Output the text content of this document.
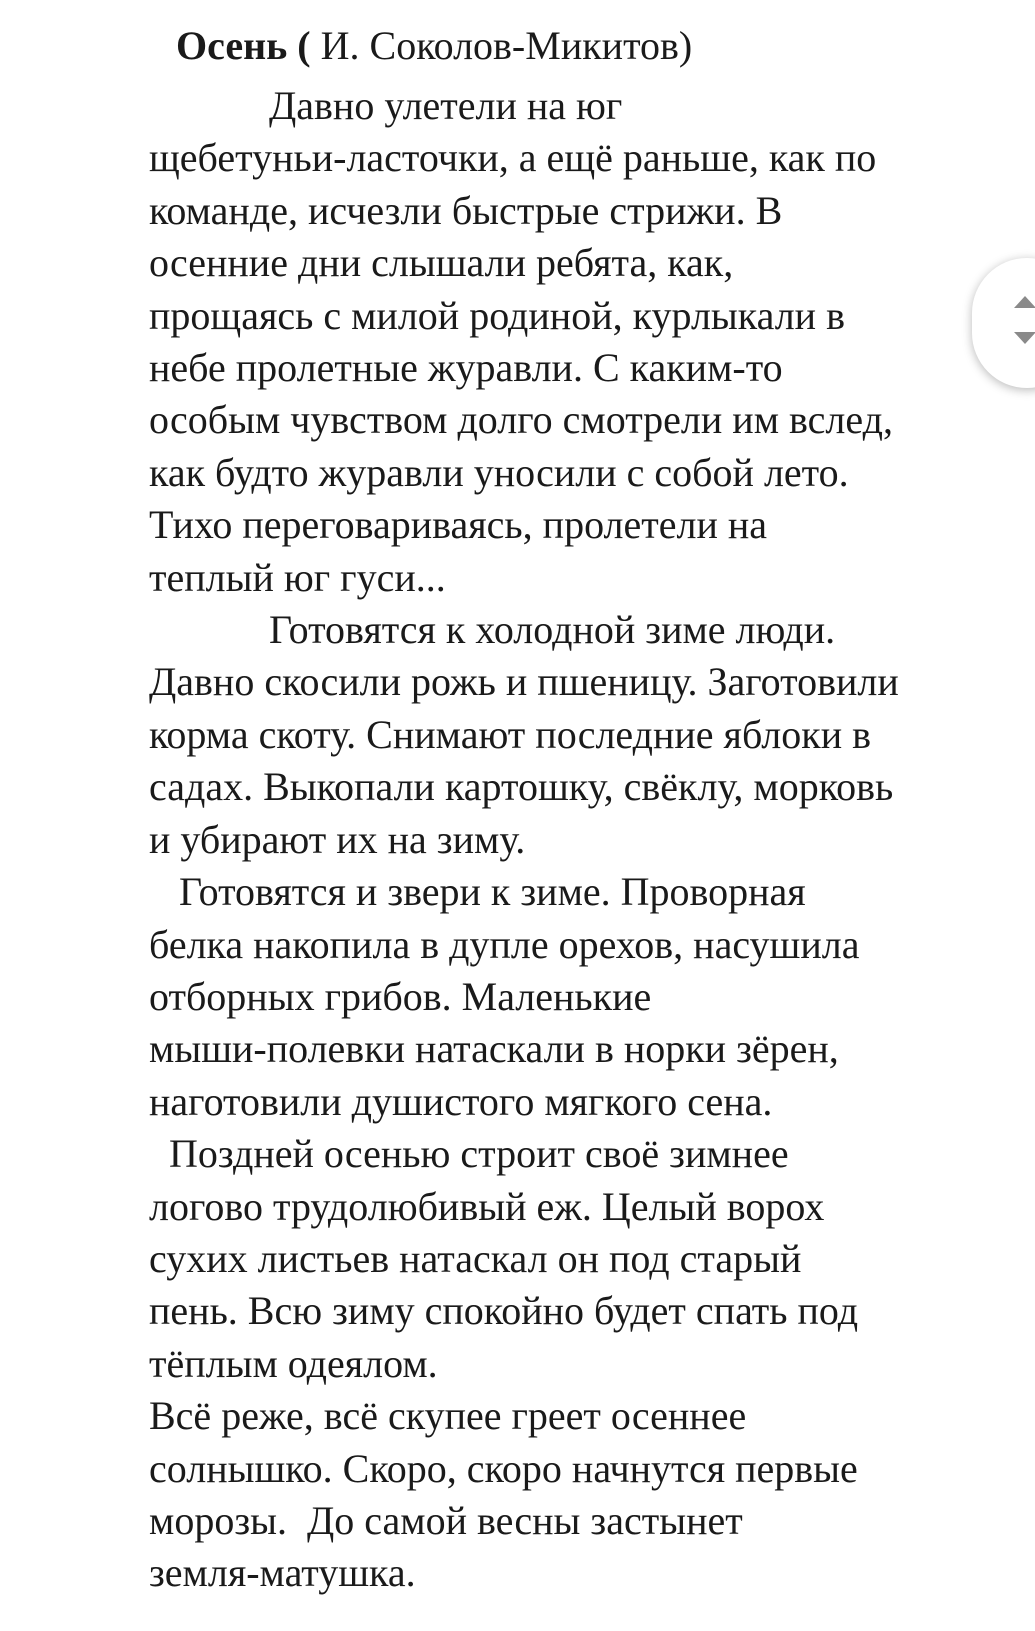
Осень ( И. Соколов-Микитов)
Давно улетели на юг
щебетуньи-ласточки, а ещё раньше, как по
команде, исчезли быстрые стрижи. В
осенние дни слышали ребята, как,
прощаясь с милой родиной, курлыкали в
небе пролетные журавли. С каким-то
особым чувством долго смотрели им вслед,
как будто журавли уносили с собой лето.
Тихо переговариваясь, пролетели на
теплый юг гуси...
Готовятся к холодной зиме люди.
Давно скосили рожь и пшеницу. Заготовили
корма скоту. Снимают последние яблоки в
садах. Выкопали картошку, свёклу, морковь
и убирают их на зиму.
Готовятся и звери к зиме. Проворная
белка накопила в дупле орехов, насушила
отборных грибов. Маленькие
мыши-полевки натаскали в норки зёрен,
наготовили душистого мягкого сена.
Поздней осенью строит своё зимнее
логово трудолюбивый еж. Целый ворох
сухих листьев натаскал он под старый
пень. Всю зиму спокойно будет спать под
тёплым одеялом.
Всё реже, всё скупее греет осеннее
солнышко. Скоро, скоро начнутся первые
морозы.  До самой весны застынет
земля-матушка.
